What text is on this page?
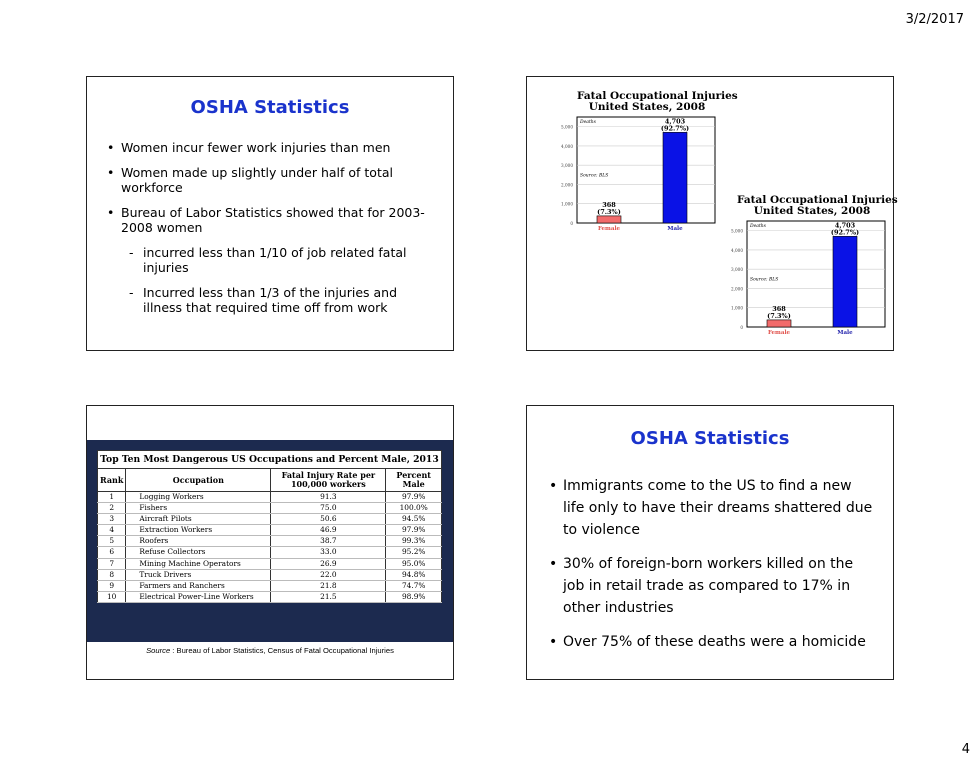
3/2/2017
OSHA Statistics
• Women incur fewer work injuries than men
• Women made up slightly under half of total workforce
• Bureau of Labor Statistics showed that for 2003-2008 women
- incurred less than 1/10 of job related fatal injuries
- Incurred less than 1/3 of the injuries and illness that required time off from work
Fatal Occupational Injuries
United States, 2008
0
1,000
2,000
3,000
4,000
5,000
Deaths
Source: BLS
368
(7.3%)
Female
4,703
(92.7%)
Male
Fatal Occupational Injuries
United States, 2008
0
1,000
2,000
3,000
4,000
5,000
Deaths
Source: BLS
368
(7.3%)
Female
4,703
(92.7%)
Male
Top Ten Most Dangerous US Occupations and Percent Male, 2013
Rank	Occupation	Fatal Injury Rate per 100,000 workers	Percent Male
1	Logging Workers	91.3	97.9%
2	Fishers	75.0	100.0%
3	Aircraft Pilots	50.6	94.5%
4	Extraction Workers	46.9	97.9%
5	Roofers	38.7	99.3%
6	Refuse Collectors	33.0	95.2%
7	Mining Machine Operators	26.9	95.0%
8	Truck Drivers	22.0	94.8%
9	Farmers and Ranchers	21.8	74.7%
10	Electrical Power-Line Workers	21.5	98.9%
Source : Bureau of Labor Statistics, Census of Fatal Occupational Injuries
OSHA Statistics
• Immigrants come to the US to find a new life only to have their dreams shattered due to violence
• 30% of foreign-born workers killed on the job in retail trade as compared to 17% in other industries
• Over 75% of these deaths were a homicide
4
